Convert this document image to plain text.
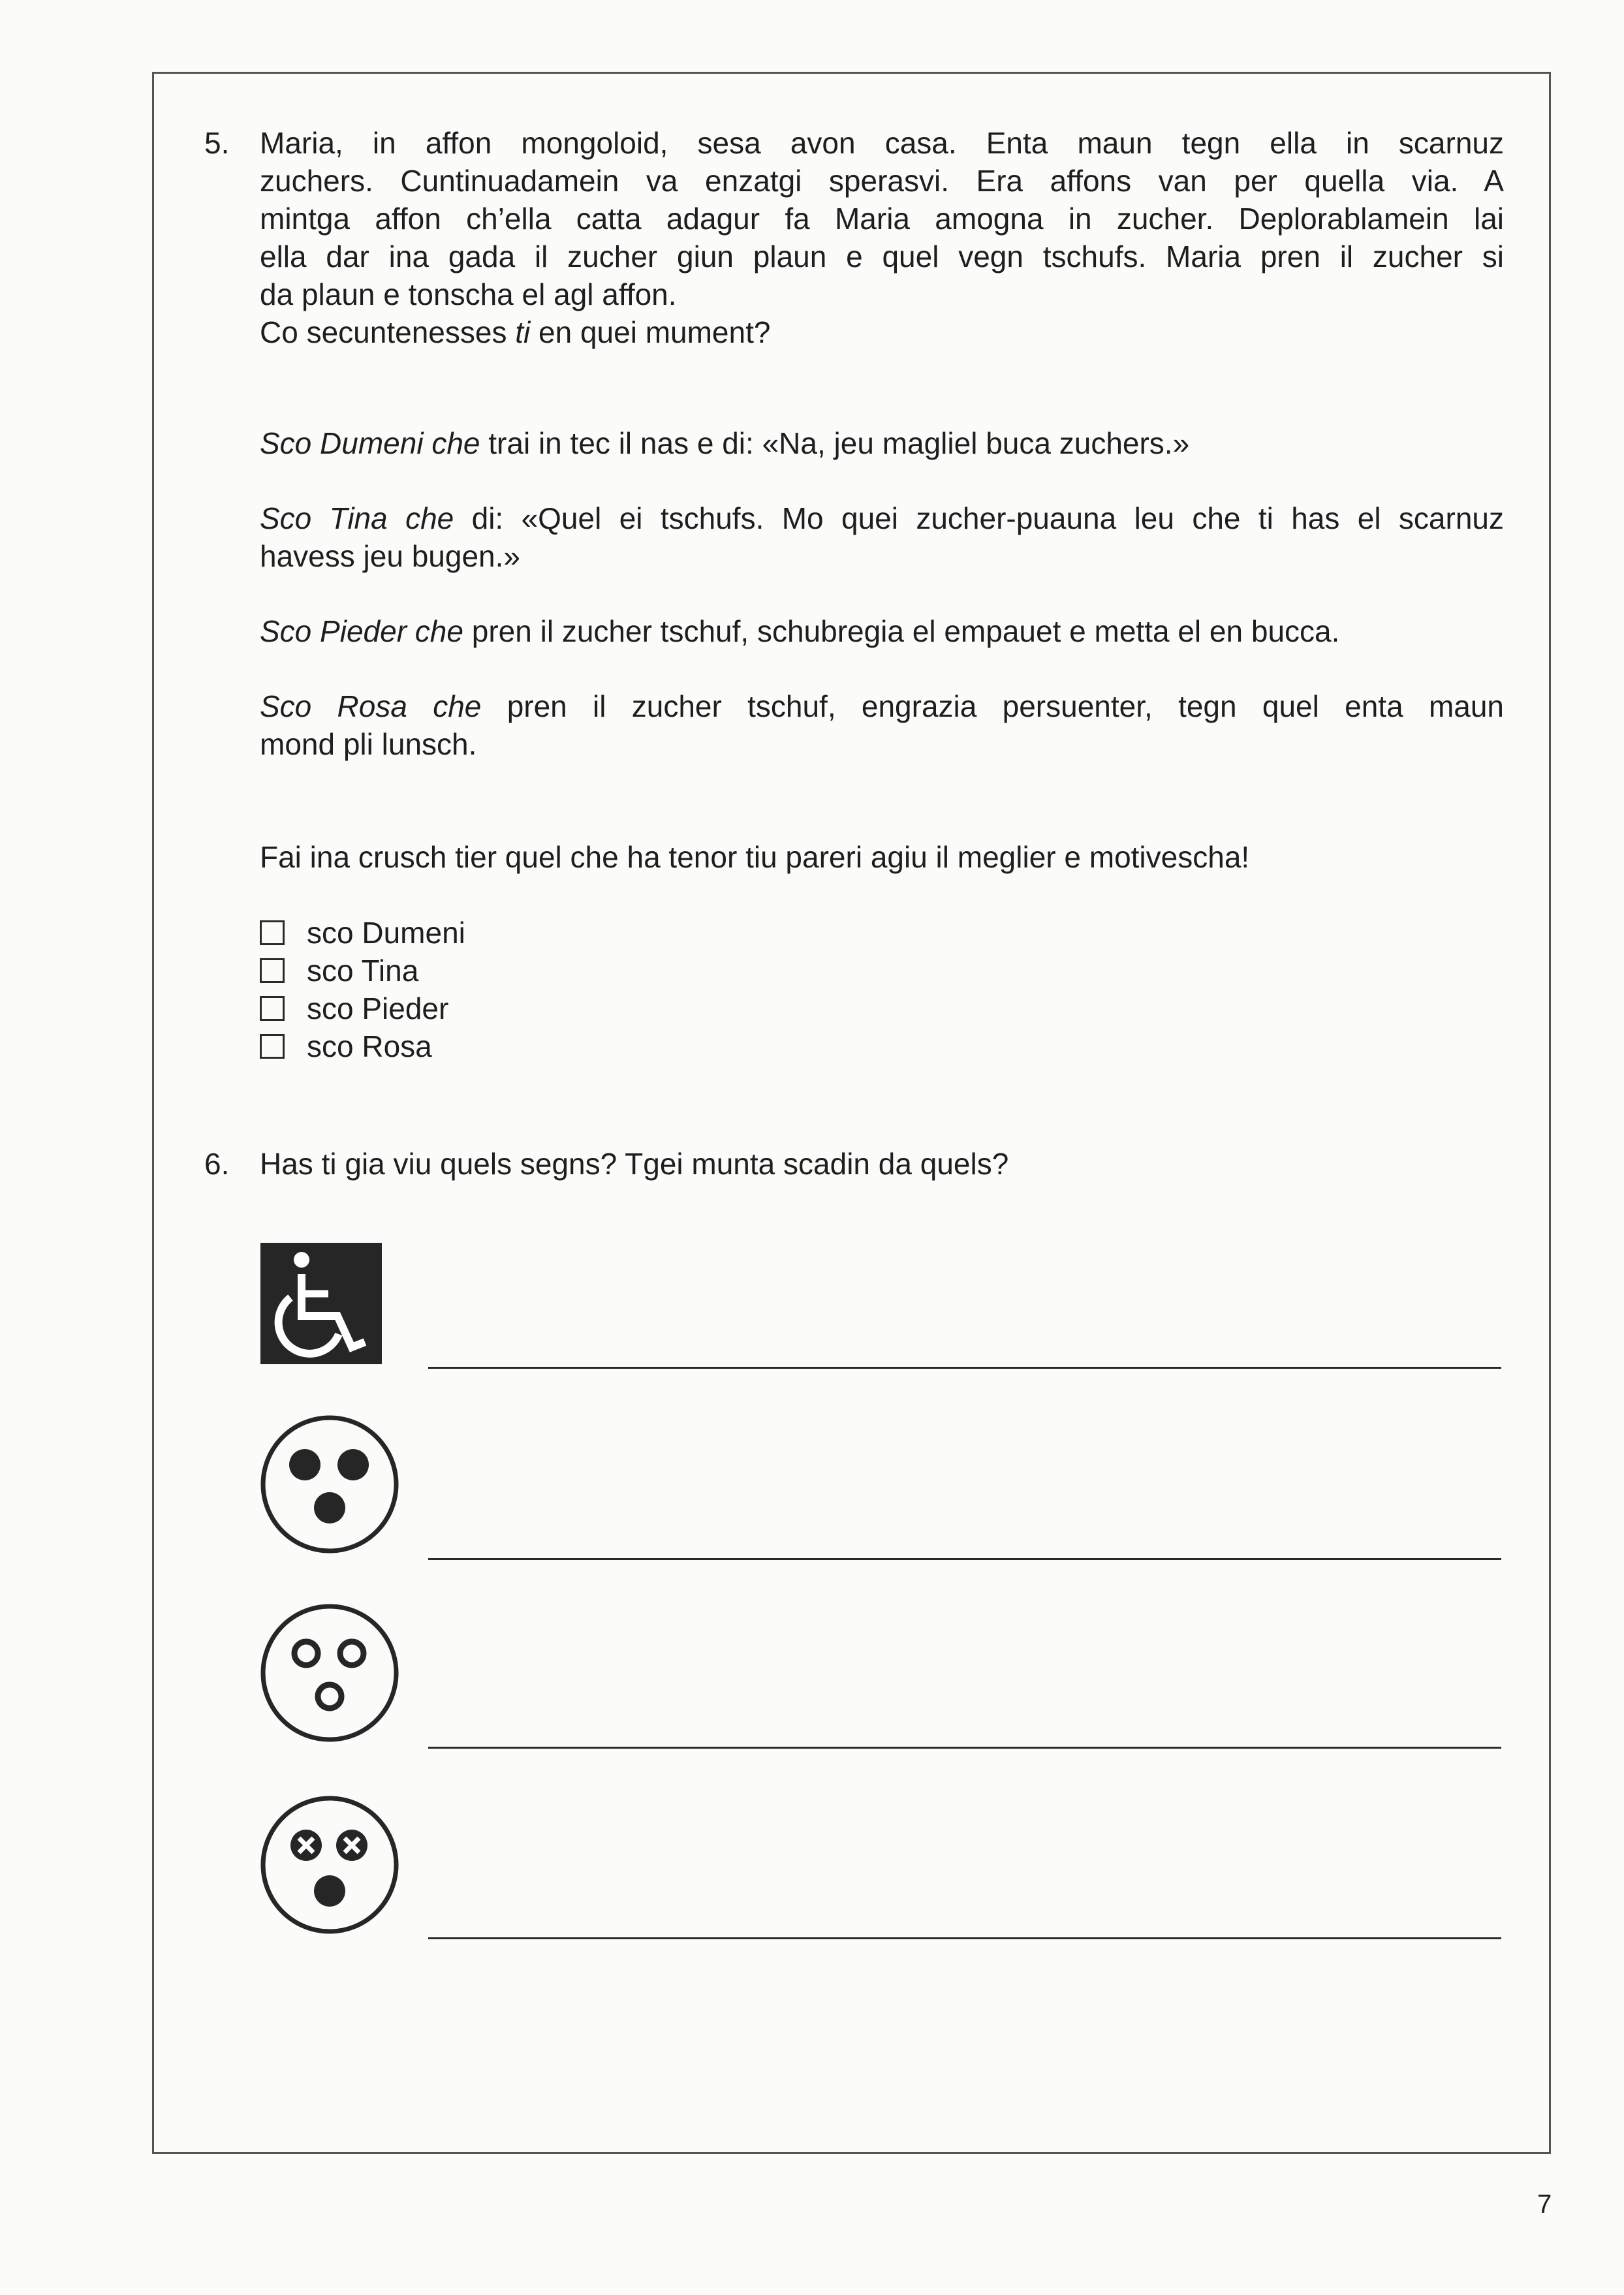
5. Maria, in affon mongoloid, sesa avon casa. Enta maun tegn ella in scarnuz
zuchers. Cuntinuadamein va enzatgi sperasvi. Era affons van per quella via. A
mintga affon ch’ella catta adagur fa Maria amogna in zucher. Deplorablamein lai
ella dar ina gada il zucher giun plaun e quel vegn tschufs. Maria pren il zucher si
da plaun e tonscha el agl affon.
Co secuntenesses ti en quei mument?
Sco Dumeni che trai in tec il nas e di: «Na, jeu magliel buca zuchers.»
Sco Tina che di: «Quel ei tschufs. Mo quei zucher-puauna leu che ti has el scarnuz
havess jeu bugen.»
Sco Pieder che pren il zucher tschuf, schubregia el empauet e metta el en bucca.
Sco Rosa che pren il zucher tschuf, engrazia persuenter, tegn quel enta maun
mond pli lunsch.
Fai ina crusch tier quel che ha tenor tiu pareri agiu il meglier e motivescha!
sco Dumeni
sco Tina
sco Pieder
sco Rosa
6. Has ti gia viu quels segns? Tgei munta scadin da quels?
7
